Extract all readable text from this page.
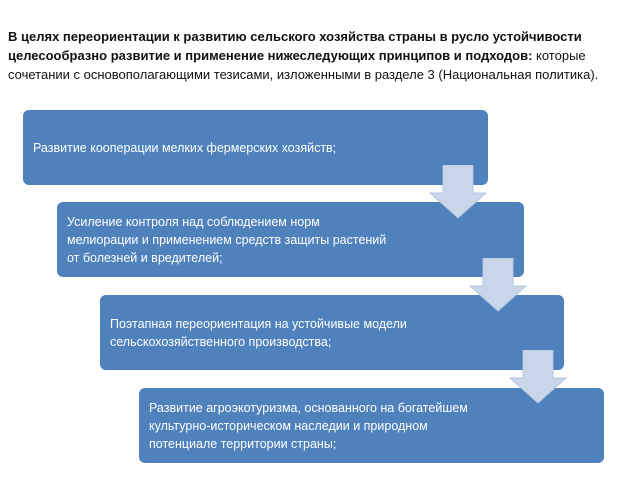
В целях переориентации к развитию сельского хозяйства страны в русло устойчивости целесообразно развитие и применение нижеследующих принципов и подходов: которые сочетании с основополагающими тезисами, изложенными в разделе 3 (Национальная политика).
Развитие кооперации мелких фермерских хозяйств;
Усиление контроля над соблюдением норм мелиорации и применением средств защиты растений от болезней и вредителей;
Поэтапная переориентация на устойчивые модели сельскохозяйственного производства;
Развитие агроэкотуризма, основанного на богатейшем культурно-историческом наследии и природном потенциале территории страны;
